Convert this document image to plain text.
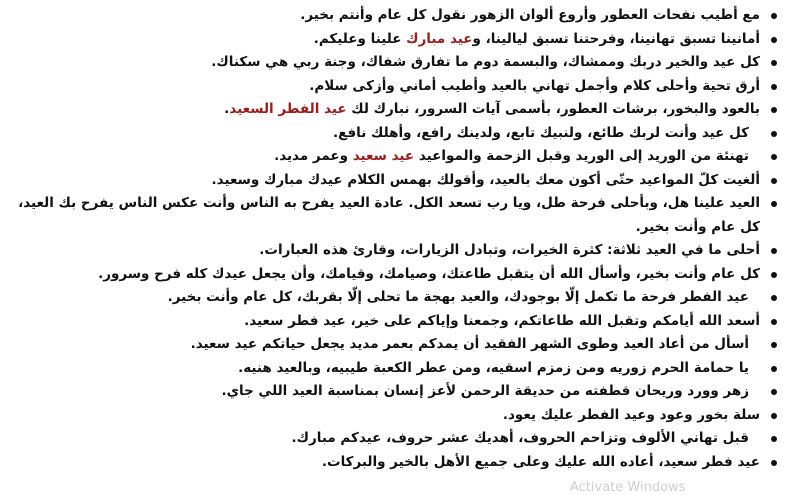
مع أطيب نفحات العطور وأروع ألوان الزهور نقول كل عام وأنتم بخير.
أمانينا تسبق تهانينا، وفرحتنا تسبق ليالينا، وعيد مبارك علينا وعليكم.
كل عيد والخير دربك وممشاك، والبسمة دوم ما تفارق شفاك، وجنة ربي هي سكناك.
أرق تحية وأحلى كلام وأجمل تهاني بالعيد وأطيب أماني وأزكى سلام.
بالعود والبخور، برشات العطور، بأسمى آيات السرور، نبارك لك عيد الفطر السعيد.
كل عيد وأنت لربك طائع، ولنبيك تابع، ولدينك رافع، وأهلك نافع.
تهنئة من الوريد إلى الوريد وقبل الزحمة والمواعيد عيد سعيد وعمر مديد.
ألغيت كلّ المواعيد حتّى أكون معك بالعيد، وأقولك بهمس الكلام عيدك مبارك وسعيد.
العيد علينا هل، وبأحلى فرحة طل، ويا رب تسعد الكل. عادة العيد يفرح به الناس وأنت عكس الناس يفرح بك العيد، كل عام وأنت بخير.
أحلى ما في العيد ثلاثة: كثرة الخيرات، وتبادل الزيارات، وقارئ هذه العبارات.
كل عام وأنت بخير، وأسأل الله أن يتقبل طاعتك، وصيامك، وقيامك، وأن يجعل عيدك كله فرح وسرور.
عيد الفطر فرحة ما تكمل إلّا بوجودك، والعيد بهجة ما تحلى إلّا بقربك، كل عام وأنت بخير.
أسعد الله أيامكم وتقبل الله طاعاتكم، وجمعنا وإياكم على خير، عيد فطر سعيد.
أسأل من أعاد العيد وطوى الشهر الفقيد أن يمدكم بعمر مديد يجعل حياتكم عيد سعيد.
يا حمامة الحرم زوريه ومن زمزم اسقيه، ومن عطر الكعبة طيبيه، وبالعيد هنيه.
زهر وورد وريحان قطفته من حديقة الرحمن لأعز إنسان بمناسبة العيد اللي جاي.
سلة بخور وعود وعيد الفطر عليك يعود.
قبل تهاني الألوف وتزاحم الحروف، أهديك عشر حروف، عيدكم مبارك.
عيد فطر سعيد، أعاده الله عليك وعلى جميع الأهل بالخير والبركات.
Activate Windows
